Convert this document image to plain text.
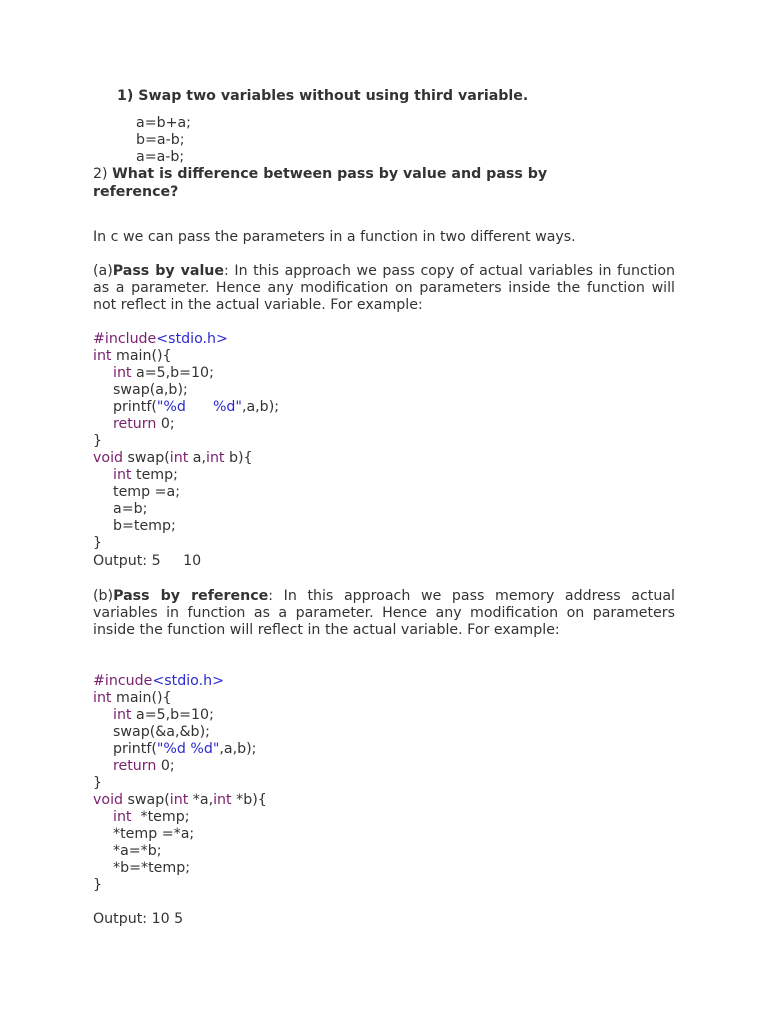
1) Swap two variables without using third variable.
a=b+a;
b=a-b;
a=a-b;
2) What is difference between pass by value and pass by
reference?
In c we can pass the parameters in a function in two different ways.
(a)Pass by value: In this approach we pass copy of actual variables in function as a parameter. Hence any modification on parameters inside the function will not reflect in the actual variable. For example:
#include<stdio.h>
int main(){
int a=5,b=10;
swap(a,b);
printf("%d      %d",a,b);
return 0;
}
void swap(int a,int b){
int temp;
temp =a;
a=b;
b=temp;
}
Output: 5     10
(b)Pass by reference: In this approach we pass memory address actual variables in function as a parameter. Hence any modification on parameters inside the function will reflect in the actual variable. For example:
#incude<stdio.h>
int main(){
int a=5,b=10;
swap(&a,&b);
printf("%d %d",a,b);
return 0;
}
void swap(int *a,int *b){
int  *temp;
*temp =*a;
*a=*b;
*b=*temp;
}
Output: 10 5
